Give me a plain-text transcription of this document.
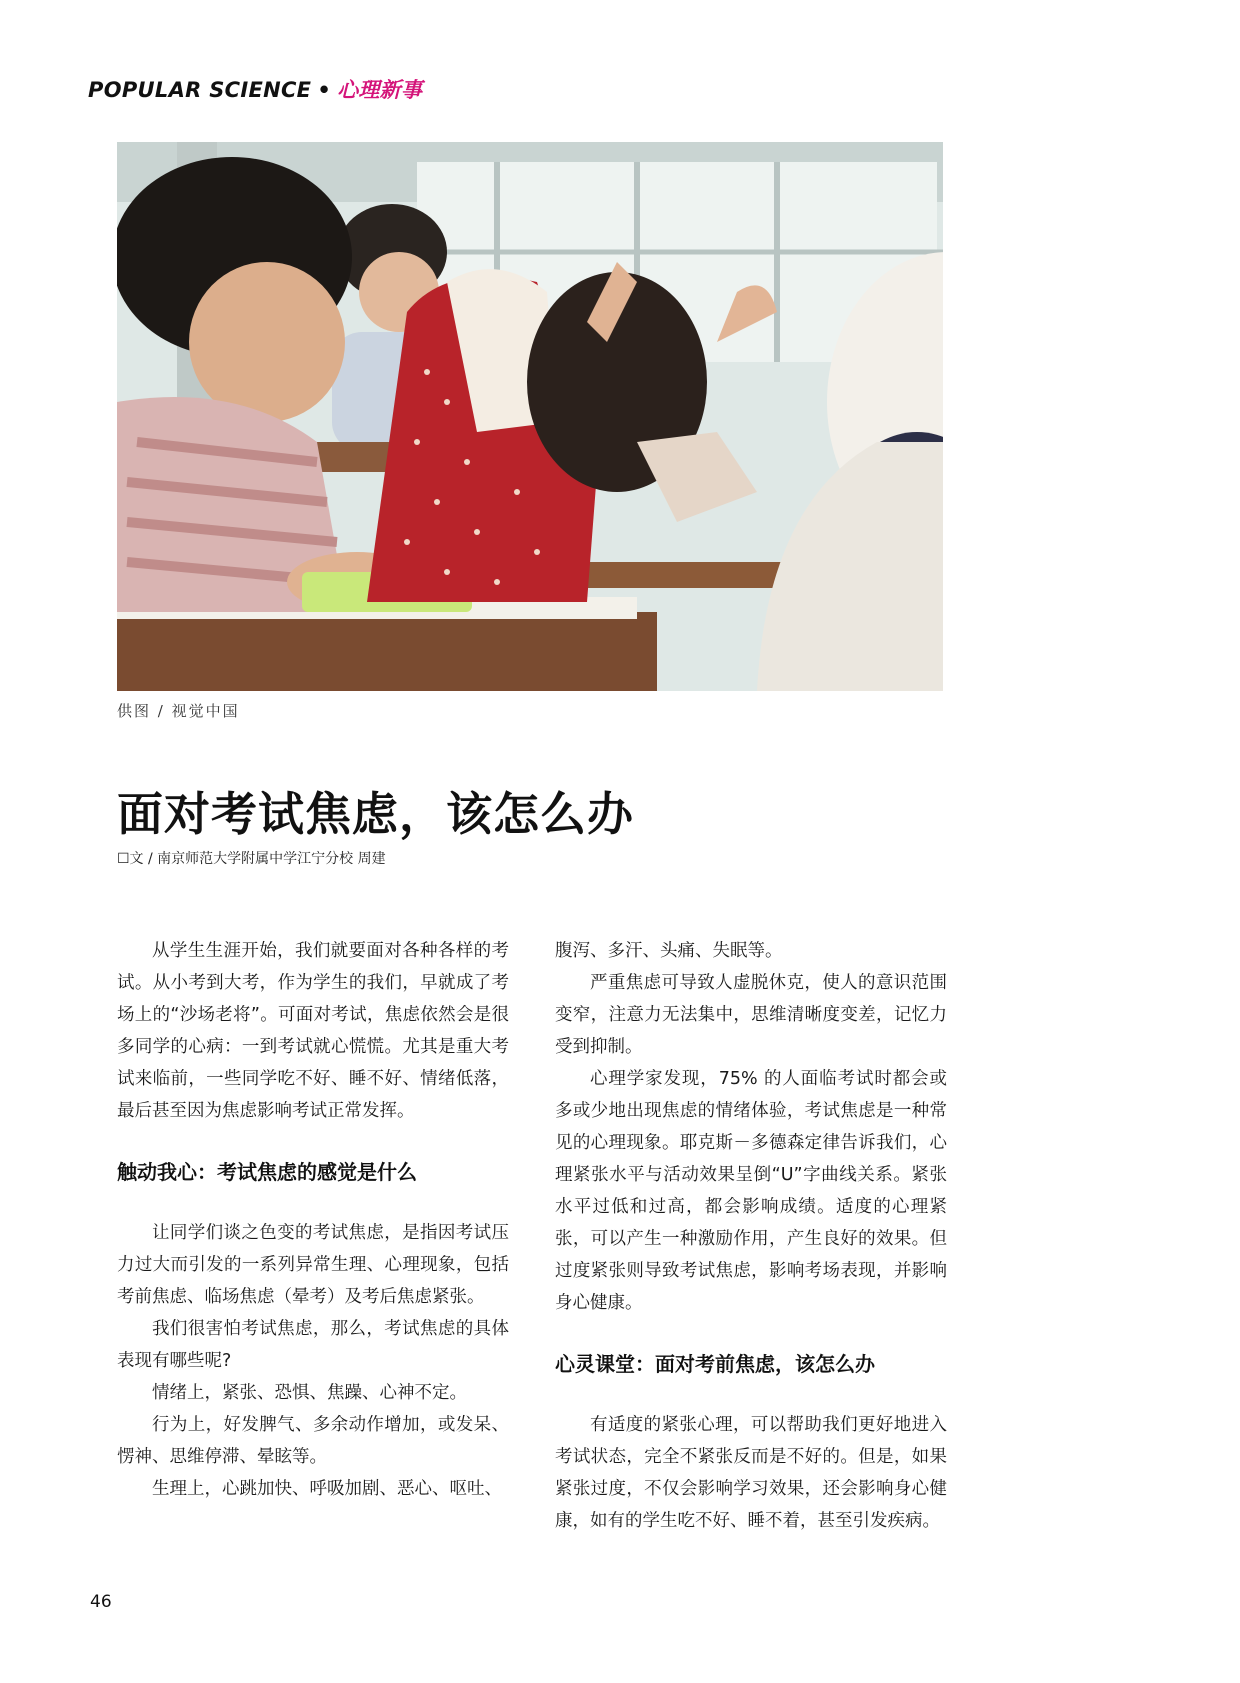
POPULAR SCIENCE • 心理新事
供图 / 视觉中国
面对考试焦虑，该怎么办
☐文 / 南京师范大学附属中学江宁分校 周建

从学生生涯开始，我们就要面对各种各样的考试。从小考到大考，作为学生的我们，早就成了考场上的“沙场老将”。可面对考试，焦虑依然会是很多同学的心病：一到考试就心慌慌。尤其是重大考试来临前，一些同学吃不好、睡不好、情绪低落，最后甚至因为焦虑影响考试正常发挥。

触动我心：考试焦虑的感觉是什么

让同学们谈之色变的考试焦虑，是指因考试压力过大而引发的一系列异常生理、心理现象，包括考前焦虑、临场焦虑（晕考）及考后焦虑紧张。

我们很害怕考试焦虑，那么，考试焦虑的具体表现有哪些呢?

情绪上，紧张、恐惧、焦躁、心神不定。

行为上，好发脾气、多余动作增加，或发呆、愣神、思维停滞、晕眩等。

生理上，心跳加快、呼吸加剧、恶心、呕吐、

腹泻、多汗、头痛、失眠等。

严重焦虑可导致人虚脱休克，使人的意识范围变窄，注意力无法集中，思维清晰度变差，记忆力受到抑制。

心理学家发现，75% 的人面临考试时都会或多或少地出现焦虑的情绪体验，考试焦虑是一种常见的心理现象。耶克斯－多德森定律告诉我们，心理紧张水平与活动效果呈倒“U”字曲线关系。紧张水平过低和过高，都会影响成绩。适度的心理紧张，可以产生一种激励作用，产生良好的效果。但过度紧张则导致考试焦虑，影响考场表现，并影响身心健康。

心灵课堂：面对考前焦虑，该怎么办

有适度的紧张心理，可以帮助我们更好地进入考试状态，完全不紧张反而是不好的。但是，如果紧张过度，不仅会影响学习效果，还会影响身心健康，如有的学生吃不好、睡不着，甚至引发疾病。

46
